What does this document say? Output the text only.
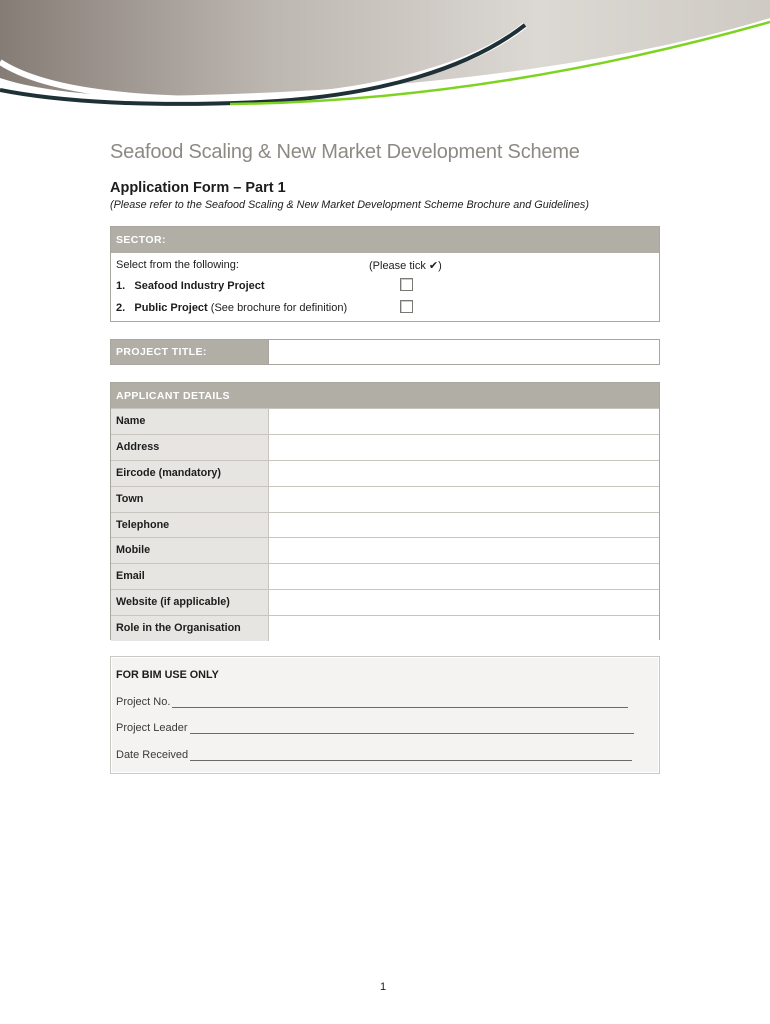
Seafood Scaling & New Market Development Scheme
Application Form – Part 1
(Please refer to the Seafood Scaling & New Market Development Scheme Brochure and Guidelines)
SECTOR:
Select from the following:	(Please tick ✔)
1. Seafood Industry Project
2. Public Project (See brochure for definition)
PROJECT TITLE:
APPLICANT DETAILS
Name
Address
Eircode (mandatory)
Town
Telephone
Mobile
Email
Website (if applicable)
Role in the Organisation
FOR BIM USE ONLY
Project No.
Project Leader
Date Received
1
